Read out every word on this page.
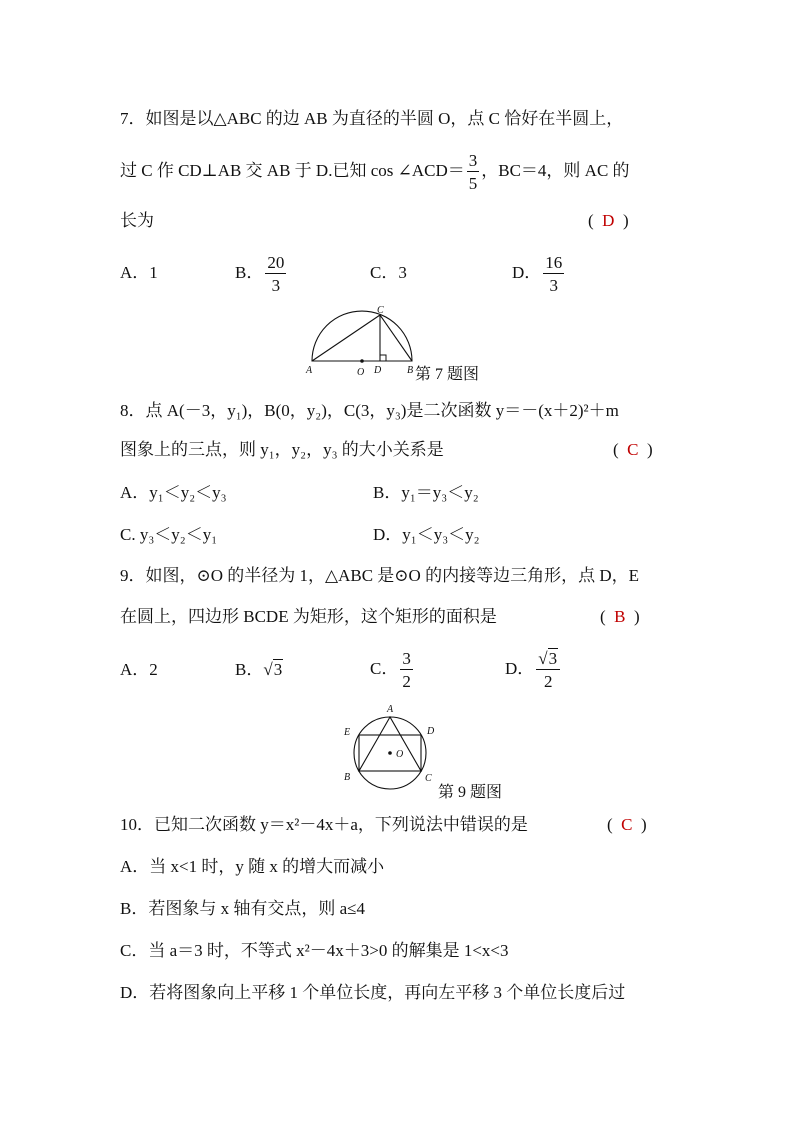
7．如图是以△ABC 的边 AB 为直径的半圆 O，点 C 恰好在半圆上，
过 C 作 CD⊥AB 交 AB 于 D.已知 cos ∠ACD＝ $\frac{3}{5}$ ，BC＝4，则 AC 的
长为	( D )
A．1	B． $\frac{20}{3}$	C．3	D． $\frac{16}{3}$
A	O D	B
C
第 7 题图
8．点 A(－3，y₁)，B(0，y₂)，C(3，y₃)是二次函数 y＝－(x＋2)²＋m
图象上的三点，则 y₁，y₂，y₃ 的大小关系是	( C )
A．y₁＜y₂＜y₃	B．y₁＝y₃＜y₂
C. y₃＜y₂＜y₁	D．y₁＜y₃＜y₂
9．如图，⊙O 的半径为 1，△ABC 是⊙O 的内接等边三角形，点 D，E
在圆上，四边形 BCDE 为矩形，这个矩形的面积是	( B )
A．2	B．√3	C． $\frac{3}{2}$	D． $\frac{√3}{2}$
A
D
E
O
B	C
第 9 题图
10．已知二次函数 y＝x²－4x＋a，下列说法中错误的是	( C )
A．当 x<1 时，y 随 x 的增大而减小
B．若图象与 x 轴有交点，则 a≤4
C．当 a＝3 时，不等式 x²－4x＋3>0 的解集是 1<x<3
D．若将图象向上平移 1 个单位长度，再向左平移 3 个单位长度后过
